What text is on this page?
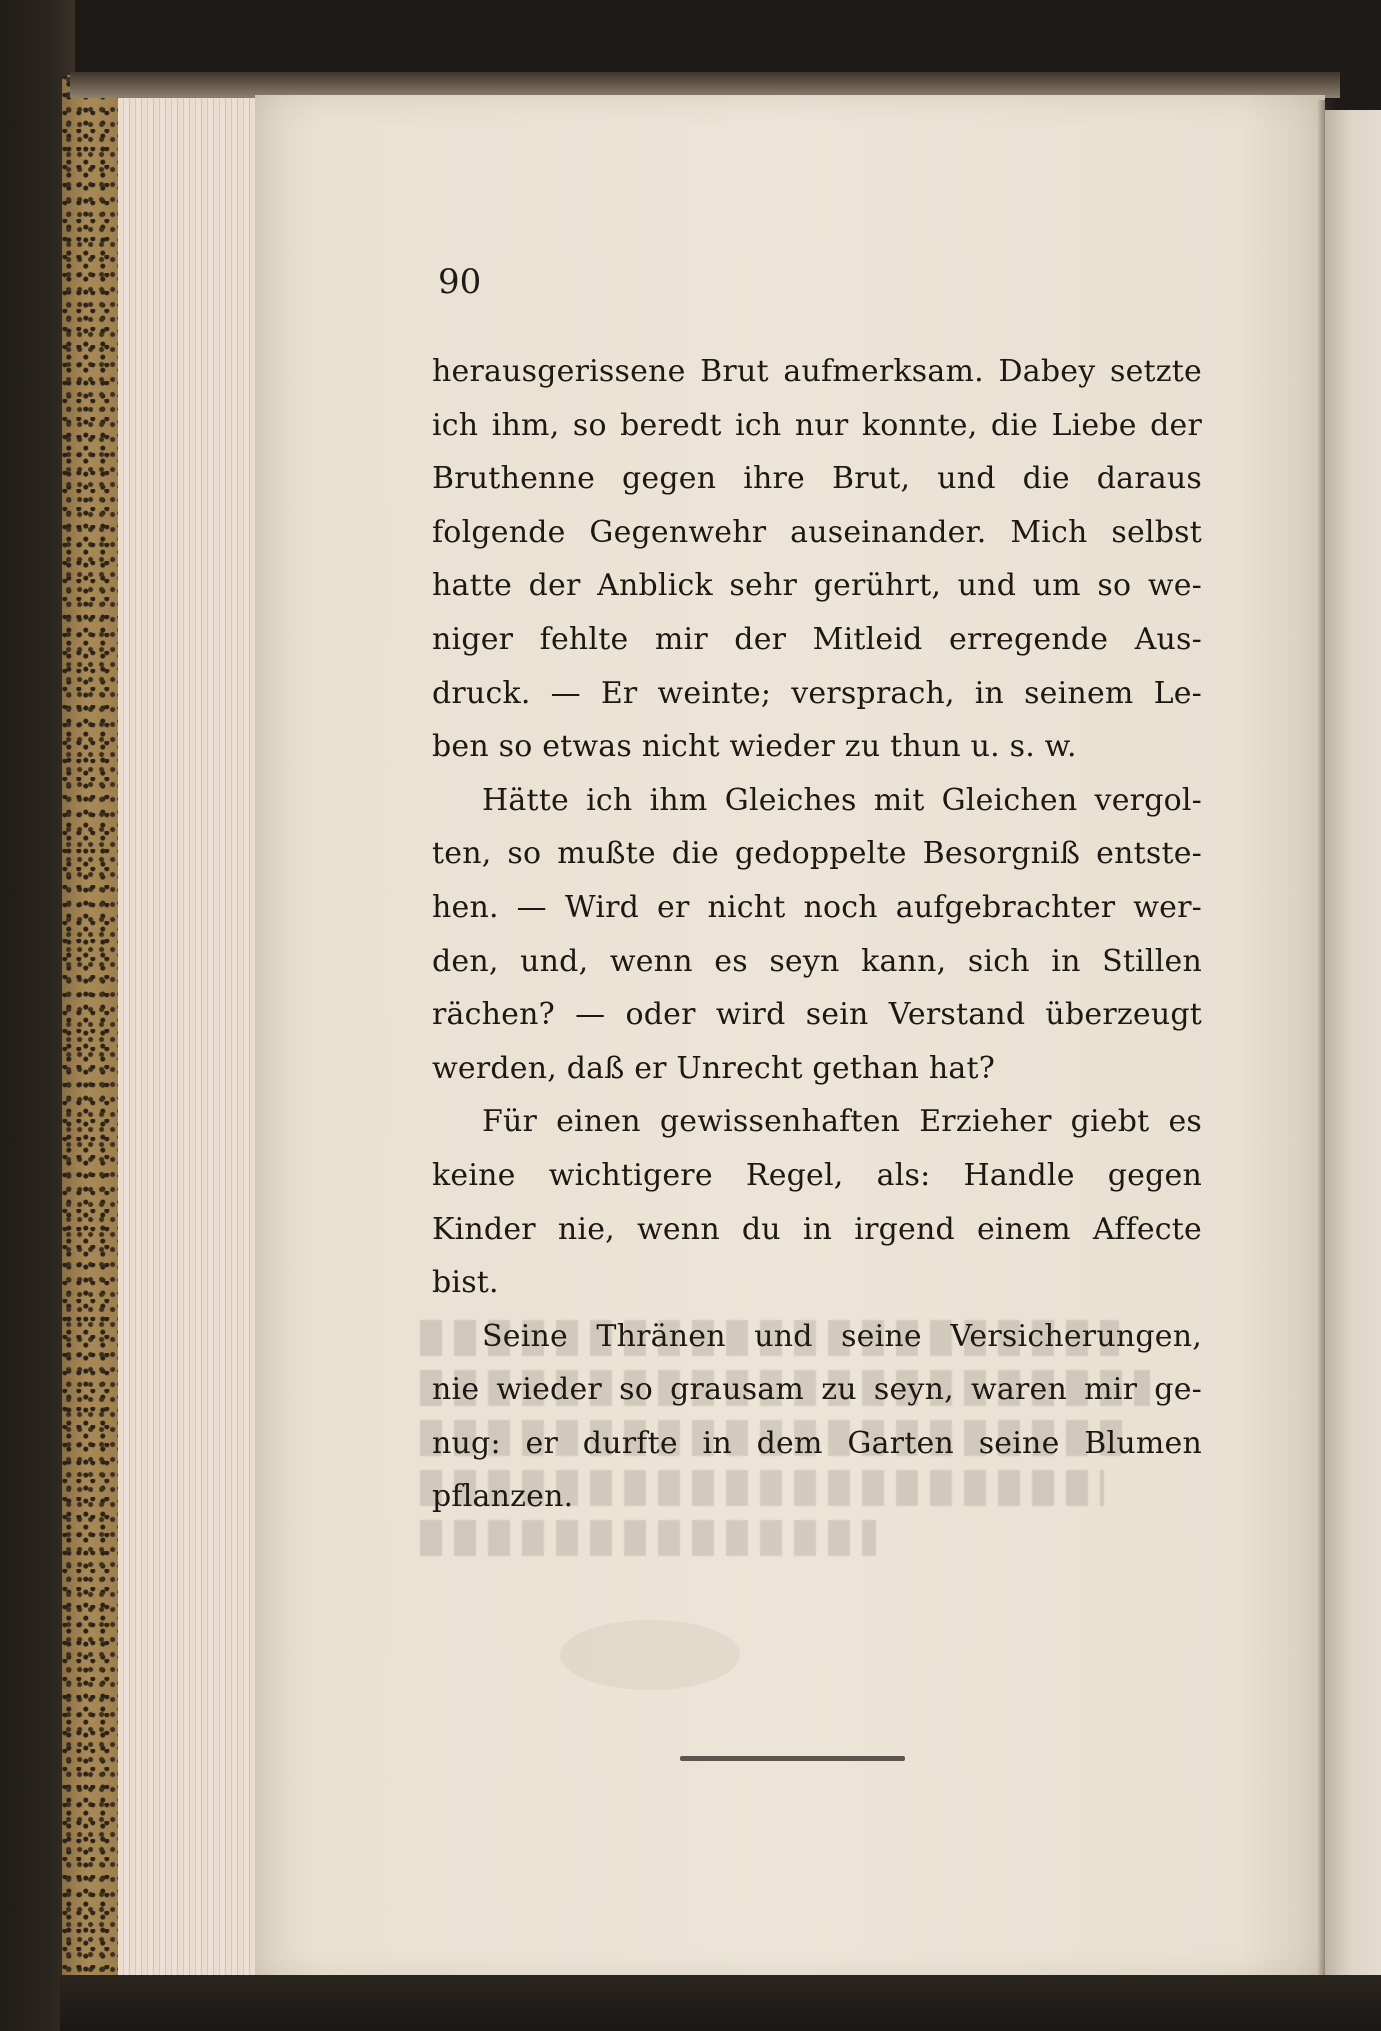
90
herausgerissene Brut aufmerksam. Dabey setzte
ich ihm, so beredt ich nur konnte, die Liebe der
Bruthenne gegen ihre Brut, und die daraus
folgende Gegenwehr auseinander. Mich selbst
hatte der Anblick sehr gerührt, und um so we-
niger fehlte mir der Mitleid erregende Aus-
druck. — Er weinte; versprach, in seinem Le-
ben so etwas nicht wieder zu thun u. s. w.
Hätte ich ihm Gleiches mit Gleichen vergol-
ten, so mußte die gedoppelte Besorgniß entste-
hen. — Wird er nicht noch aufgebrachter wer-
den, und, wenn es seyn kann, sich in Stillen
rächen? — oder wird sein Verstand überzeugt
werden, daß er Unrecht gethan hat?
Für einen gewissenhaften Erzieher giebt es
keine wichtigere Regel, als: Handle gegen
Kinder nie, wenn du in irgend einem Affecte
bist.
Seine Thränen und seine Versicherungen,
nie wieder so grausam zu seyn, waren mir ge-
nug: er durfte in dem Garten seine Blumen
pflanzen.
